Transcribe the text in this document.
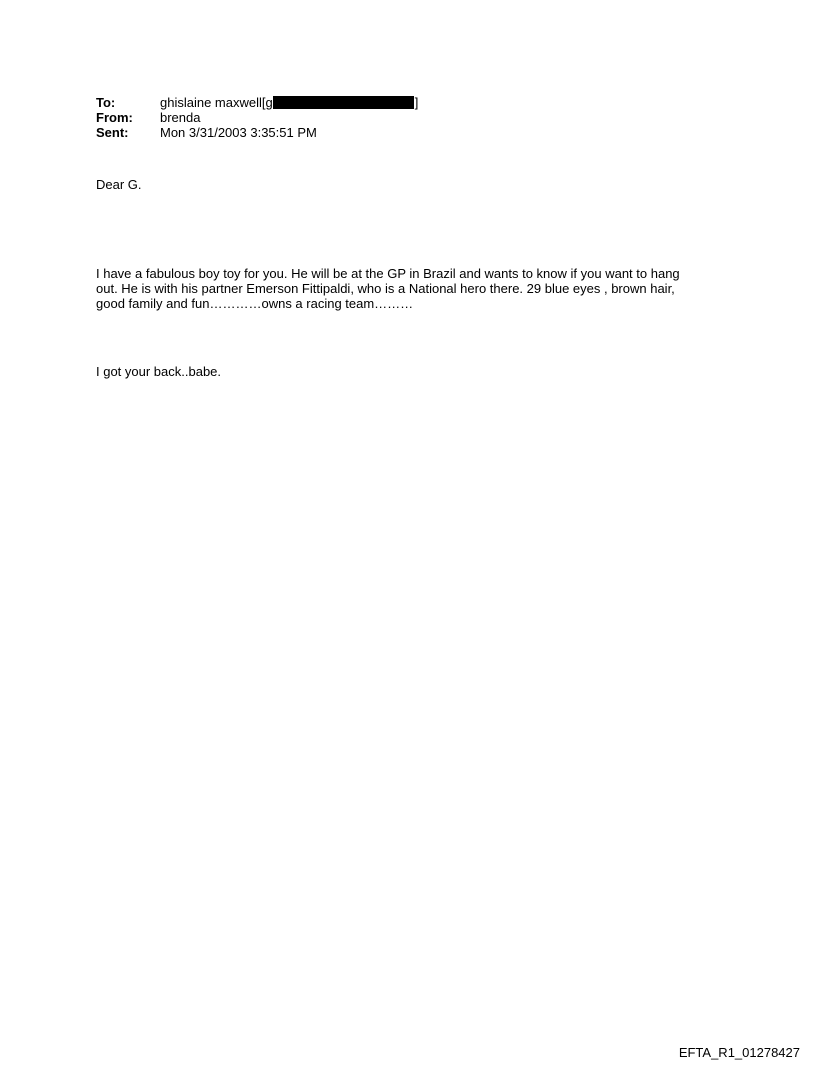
To:	ghislaine maxwell[g	]
From:	brenda
Sent:	Mon 3/31/2003 3:35:51 PM
Dear G.
I have a fabulous boy toy for you. He will be at the GP in Brazil and wants to know if you want to hang
out. He is with his partner Emerson Fittipaldi, who is a National hero there. 29 blue eyes , brown hair,
good family and fun…………owns a racing team………
I got your back..babe.
EFTA_R1_01278427
